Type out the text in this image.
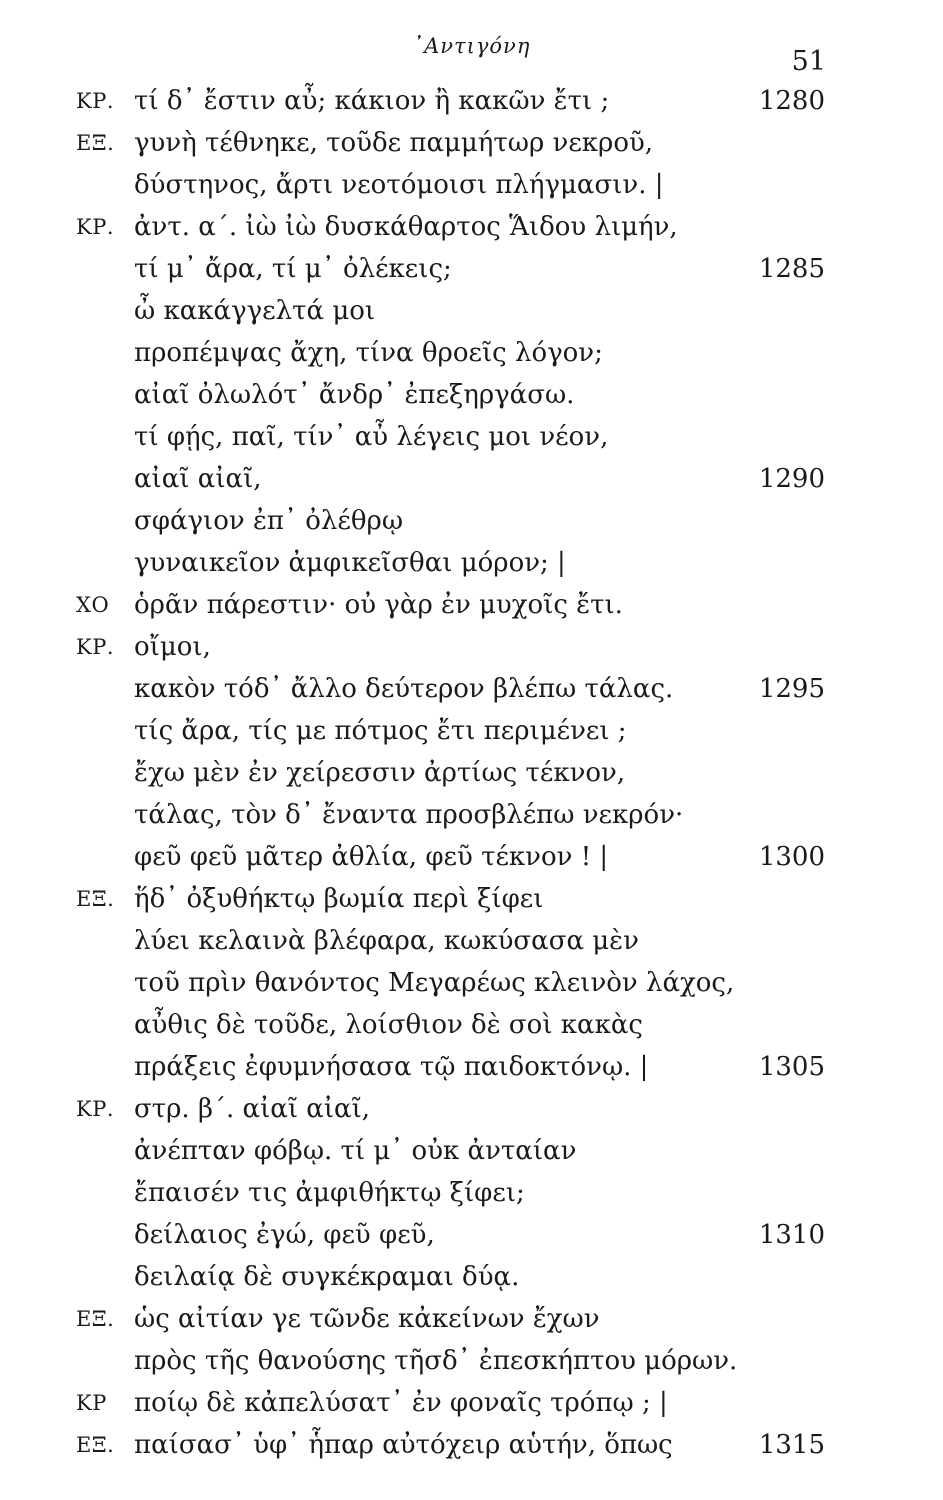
᾿Αντιγόνη	51
ΚΡ. τί δ᾿ ἔστιν αὖ; κάκιον ἢ κακῶν ἔτι ;	1280
ΕΞ. γυνὴ τέθνηκε, τοῦδε παμμήτωρ νεκροῦ,
δύστηνος, ἄρτι νεοτόμοισι πλήγμασιν. |
ΚΡ. ἀντ. α΄. ἰὼ ἰὼ δυσκάθαρτος Ἅιδου λιμήν,
τί μ᾿ ἄρα, τί μ᾿ ὀλέκεις;	1285
ὦ κακάγγελτά μοι
προπέμψας ἄχη, τίνα θροεῖς λόγον;
αἰαῖ ὀλωλότ᾿ ἄνδρ᾿ ἐπεξηργάσω.
τί φῄς, παῖ, τίν᾿ αὖ λέγεις μοι νέον,
αἰαῖ αἰαῖ,	1290
σφάγιον ἐπ᾿ ὀλέθρῳ
γυναικεῖον ἀμφικεῖσθαι μόρον; |
ΧΟ ὁρᾶν πάρεστιν· οὐ γὰρ ἐν μυχοῖς ἔτι.
ΚΡ. οἴμοι,
κακὸν τόδ᾿ ἄλλο δεύτερον βλέπω τάλας.	1295
τίς ἄρα, τίς με πότμος ἔτι περιμένει ;
ἔχω μὲν ἐν χείρεσσιν ἀρτίως τέκνον,
τάλας, τὸν δ᾿ ἔναντα προσβλέπω νεκρόν·
φεῦ φεῦ μᾶτερ ἀθλία, φεῦ τέκνον ! |	1300
ΕΞ. ἥδ᾿ ὀξυθήκτῳ βωμία περὶ ξίφει
λύει κελαινὰ βλέφαρα, κωκύσασα μὲν
τοῦ πρὶν θανόντος Μεγαρέως κλεινὸν λάχος,
αὖθις δὲ τοῦδε, λοίσθιον δὲ σοὶ κακὰς
πράξεις ἐφυμνήσασα τῷ παιδοκτόνῳ. |	1305
ΚΡ. στρ. β΄. αἰαῖ αἰαῖ,
ἀνέπταν φόβῳ. τί μ᾿ οὐκ ἀνταίαν
ἔπαισέν τις ἀμφιθήκτῳ ξίφει;
δείλαιος ἐγώ, φεῦ φεῦ,	1310
δειλαίᾳ δὲ συγκέκραμαι δύᾳ.
ΕΞ. ὡς αἰτίαν γε τῶνδε κἀκείνων ἔχων
πρὸς τῆς θανούσης τῆσδ᾿ ἐπεσκήπτου μόρων.
ΚΡ ποίῳ δὲ κἀπελύσατ᾿ ἐν φοναῖς τρόπῳ ; |
ΕΞ. παίσασ᾿ ὑφ᾿ ἧπαρ αὐτόχειρ αὑτήν, ὅπως	1315
